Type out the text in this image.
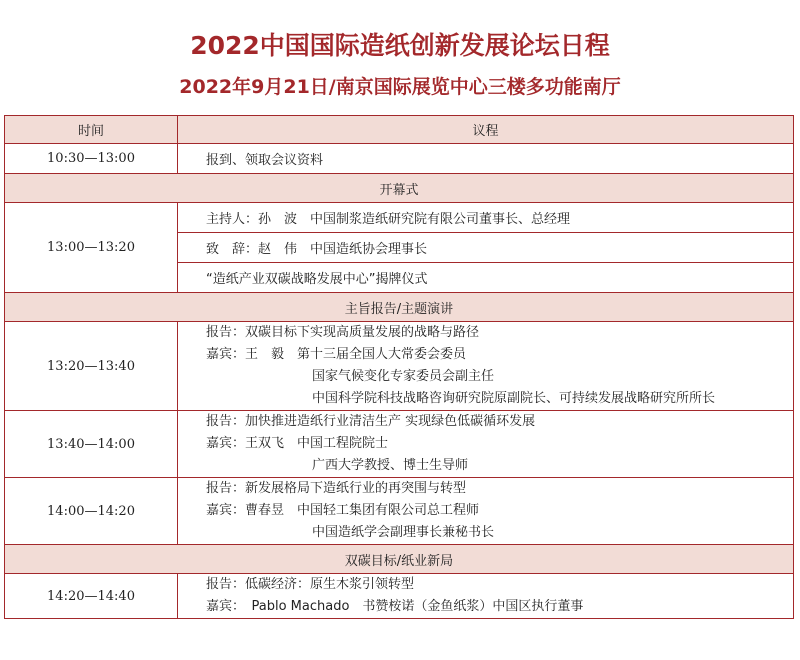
2022中国国际造纸创新发展论坛日程
2022年9月21日/南京国际展览中心三楼多功能南厅
时间	议程
10:30—13:00	报到、领取会议资料
开幕式	
13:00—13:20	主持人：孙　波　中国制浆造纸研究院有限公司董事长、总经理
	致　辞：赵　伟　中国造纸协会理事长
	“造纸产业双碳战略发展中心”揭牌仪式
主旨报告/主题演讲	
13:20—13:40	报告：双碳目标下实现高质量发展的战略与路径
嘉宾：王　毅　第十三届全国人大常委会委员
国家气候变化专家委员会副主任
中国科学院科技战略咨询研究院原副院长、可持续发展战略研究所所长

13:40—14:00	报告：加快推进造纸行业清洁生产 实现绿色低碳循环发展
嘉宾：王双飞　中国工程院院士
广西大学教授、博士生导师

14:00—14:20	报告：新发展格局下造纸行业的再突围与转型
嘉宾：曹春昱　中国轻工集团有限公司总工程师
中国造纸学会副理事长兼秘书长

双碳目标/纸业新局	
14:20—14:40	报告：低碳经济：原生木浆引领转型
嘉宾：　Pablo Machado　书赞桉诺（金鱼纸浆）中国区执行董事
